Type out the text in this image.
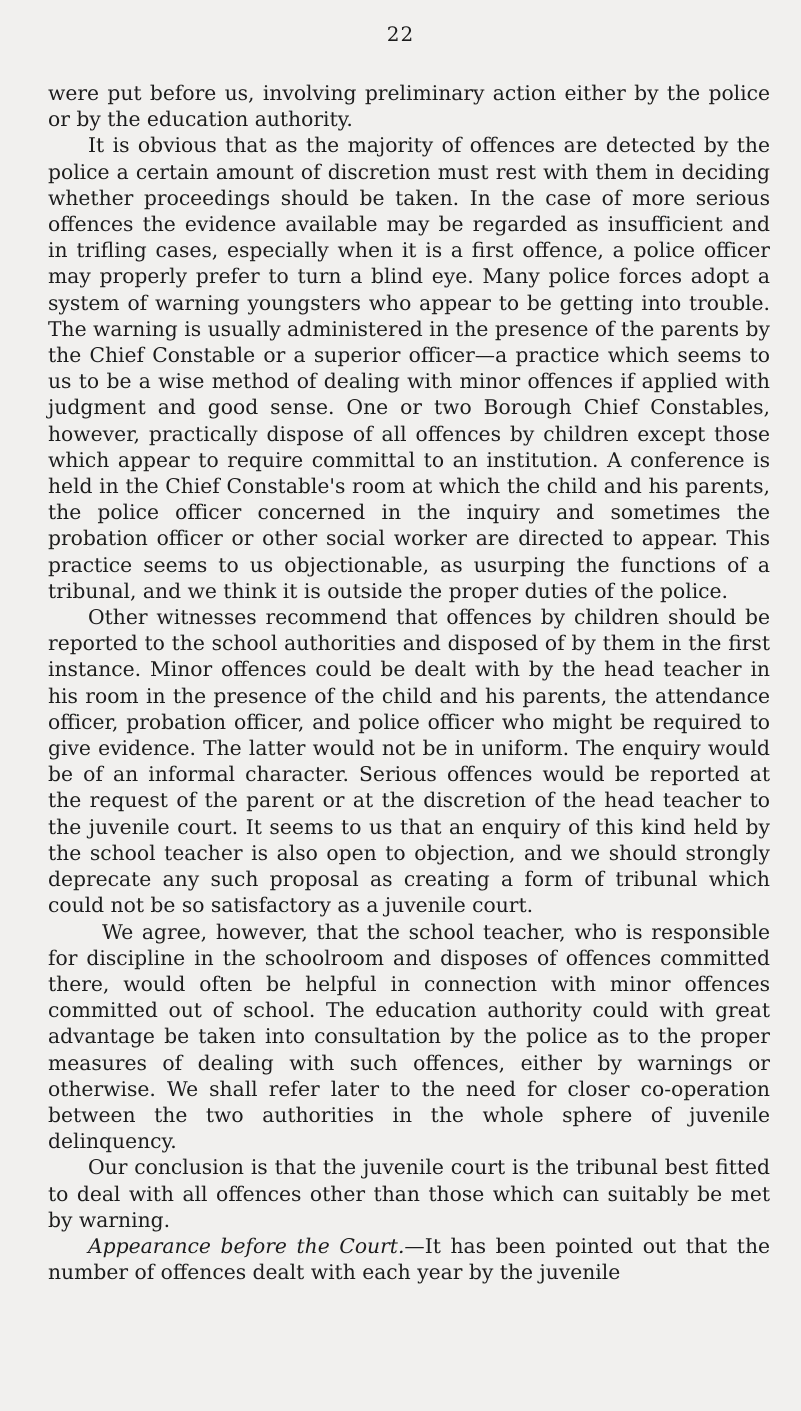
22

were put before us, involving preliminary action either by the police or by the education authority.

It is obvious that as the majority of offences are detected by the police a certain amount of discretion must rest with them in deciding whether proceedings should be taken. In the case of more serious offences the evidence available may be regarded as insufficient and in trifling cases, especially when it is a first offence, a police officer may properly prefer to turn a blind eye. Many police forces adopt a system of warning youngsters who appear to be getting into trouble. The warning is usually administered in the presence of the parents by the Chief Constable or a superior officer—a practice which seems to us to be a wise method of dealing with minor offences if applied with judgment and good sense. One or two Borough Chief Constables, however, practically dispose of all offences by children except those which appear to require committal to an institution. A conference is held in the Chief Constable's room at which the child and his parents, the police officer concerned in the inquiry and sometimes the probation officer or other social worker are directed to appear. This practice seems to us objectionable, as usurping the functions of a tribunal, and we think it is outside the proper duties of the police.

Other witnesses recommend that offences by children should be reported to the school authorities and disposed of by them in the first instance. Minor offences could be dealt with by the head teacher in his room in the presence of the child and his parents, the attendance officer, probation officer, and police officer who might be required to give evidence. The latter would not be in uniform. The enquiry would be of an informal character. Serious offences would be reported at the request of the parent or at the discretion of the head teacher to the juvenile court. It seems to us that an enquiry of this kind held by the school teacher is also open to objection, and we should strongly deprecate any such proposal as creating a form of tribunal which could not be so satisfactory as a juvenile court.

We agree, however, that the school teacher, who is responsible for discipline in the schoolroom and disposes of offences committed there, would often be helpful in connection with minor offences committed out of school. The education authority could with great advantage be taken into consultation by the police as to the proper measures of dealing with such offences, either by warnings or otherwise. We shall refer later to the need for closer co-operation between the two authorities in the whole sphere of juvenile delinquency.

Our conclusion is that the juvenile court is the tribunal best fitted to deal with all offences other than those which can suitably be met by warning.

Appearance before the Court.—It has been pointed out that the number of offences dealt with each year by the juvenile
